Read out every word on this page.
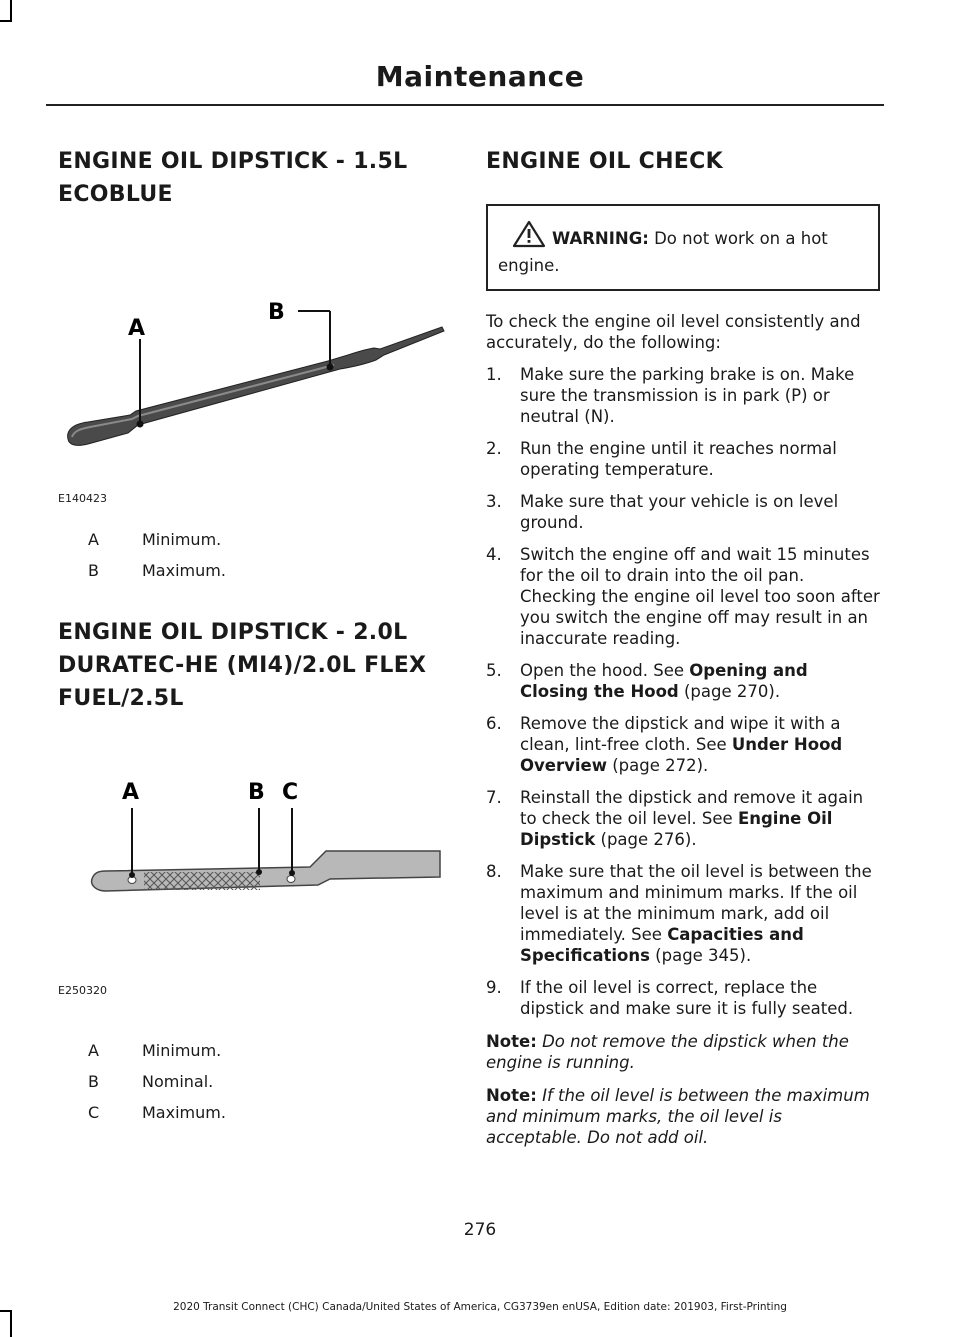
Maintenance
ENGINE OIL DIPSTICK - 1.5L
ECOBLUE
A
B
E140423
A	Minimum.
B	Maximum.
ENGINE OIL DIPSTICK - 2.0L
DURATEC-HE (MI4)/2.0L FLEX
FUEL/2.5L
A	B C
E250320
A	Minimum.
B	Nominal.
C	Maximum.
ENGINE OIL CHECK
WARNING: Do not work on a hot engine.

To check the engine oil level consistently and accurately, do the following:

1.	Make sure the parking brake is on. Make sure the transmission is in park (P) or neutral (N).
2.	Run the engine until it reaches normal operating temperature.
3.	Make sure that your vehicle is on level ground.
4.	Switch the engine off and wait 15 minutes for the oil to drain into the oil pan. Checking the engine oil level too soon after you switch the engine off may result in an inaccurate reading.
5.	Open the hood. See Opening and Closing the Hood (page 270).
6.	Remove the dipstick and wipe it with a clean, lint-free cloth. See Under Hood Overview (page 272).
7.	Reinstall the dipstick and remove it again to check the oil level. See Engine Oil Dipstick (page 276).
8.	Make sure that the oil level is between the maximum and minimum marks. If the oil level is at the minimum mark, add oil immediately. See Capacities and Specifications (page 345).
9.	If the oil level is correct, replace the dipstick and make sure it is fully seated.

Note: Do not remove the dipstick when the engine is running.

Note: If the oil level is between the maximum and minimum marks, the oil level is acceptable. Do not add oil.

276
2020 Transit Connect (CHC) Canada/United States of America, CG3739en enUSA, Edition date: 201903, First-Printing
